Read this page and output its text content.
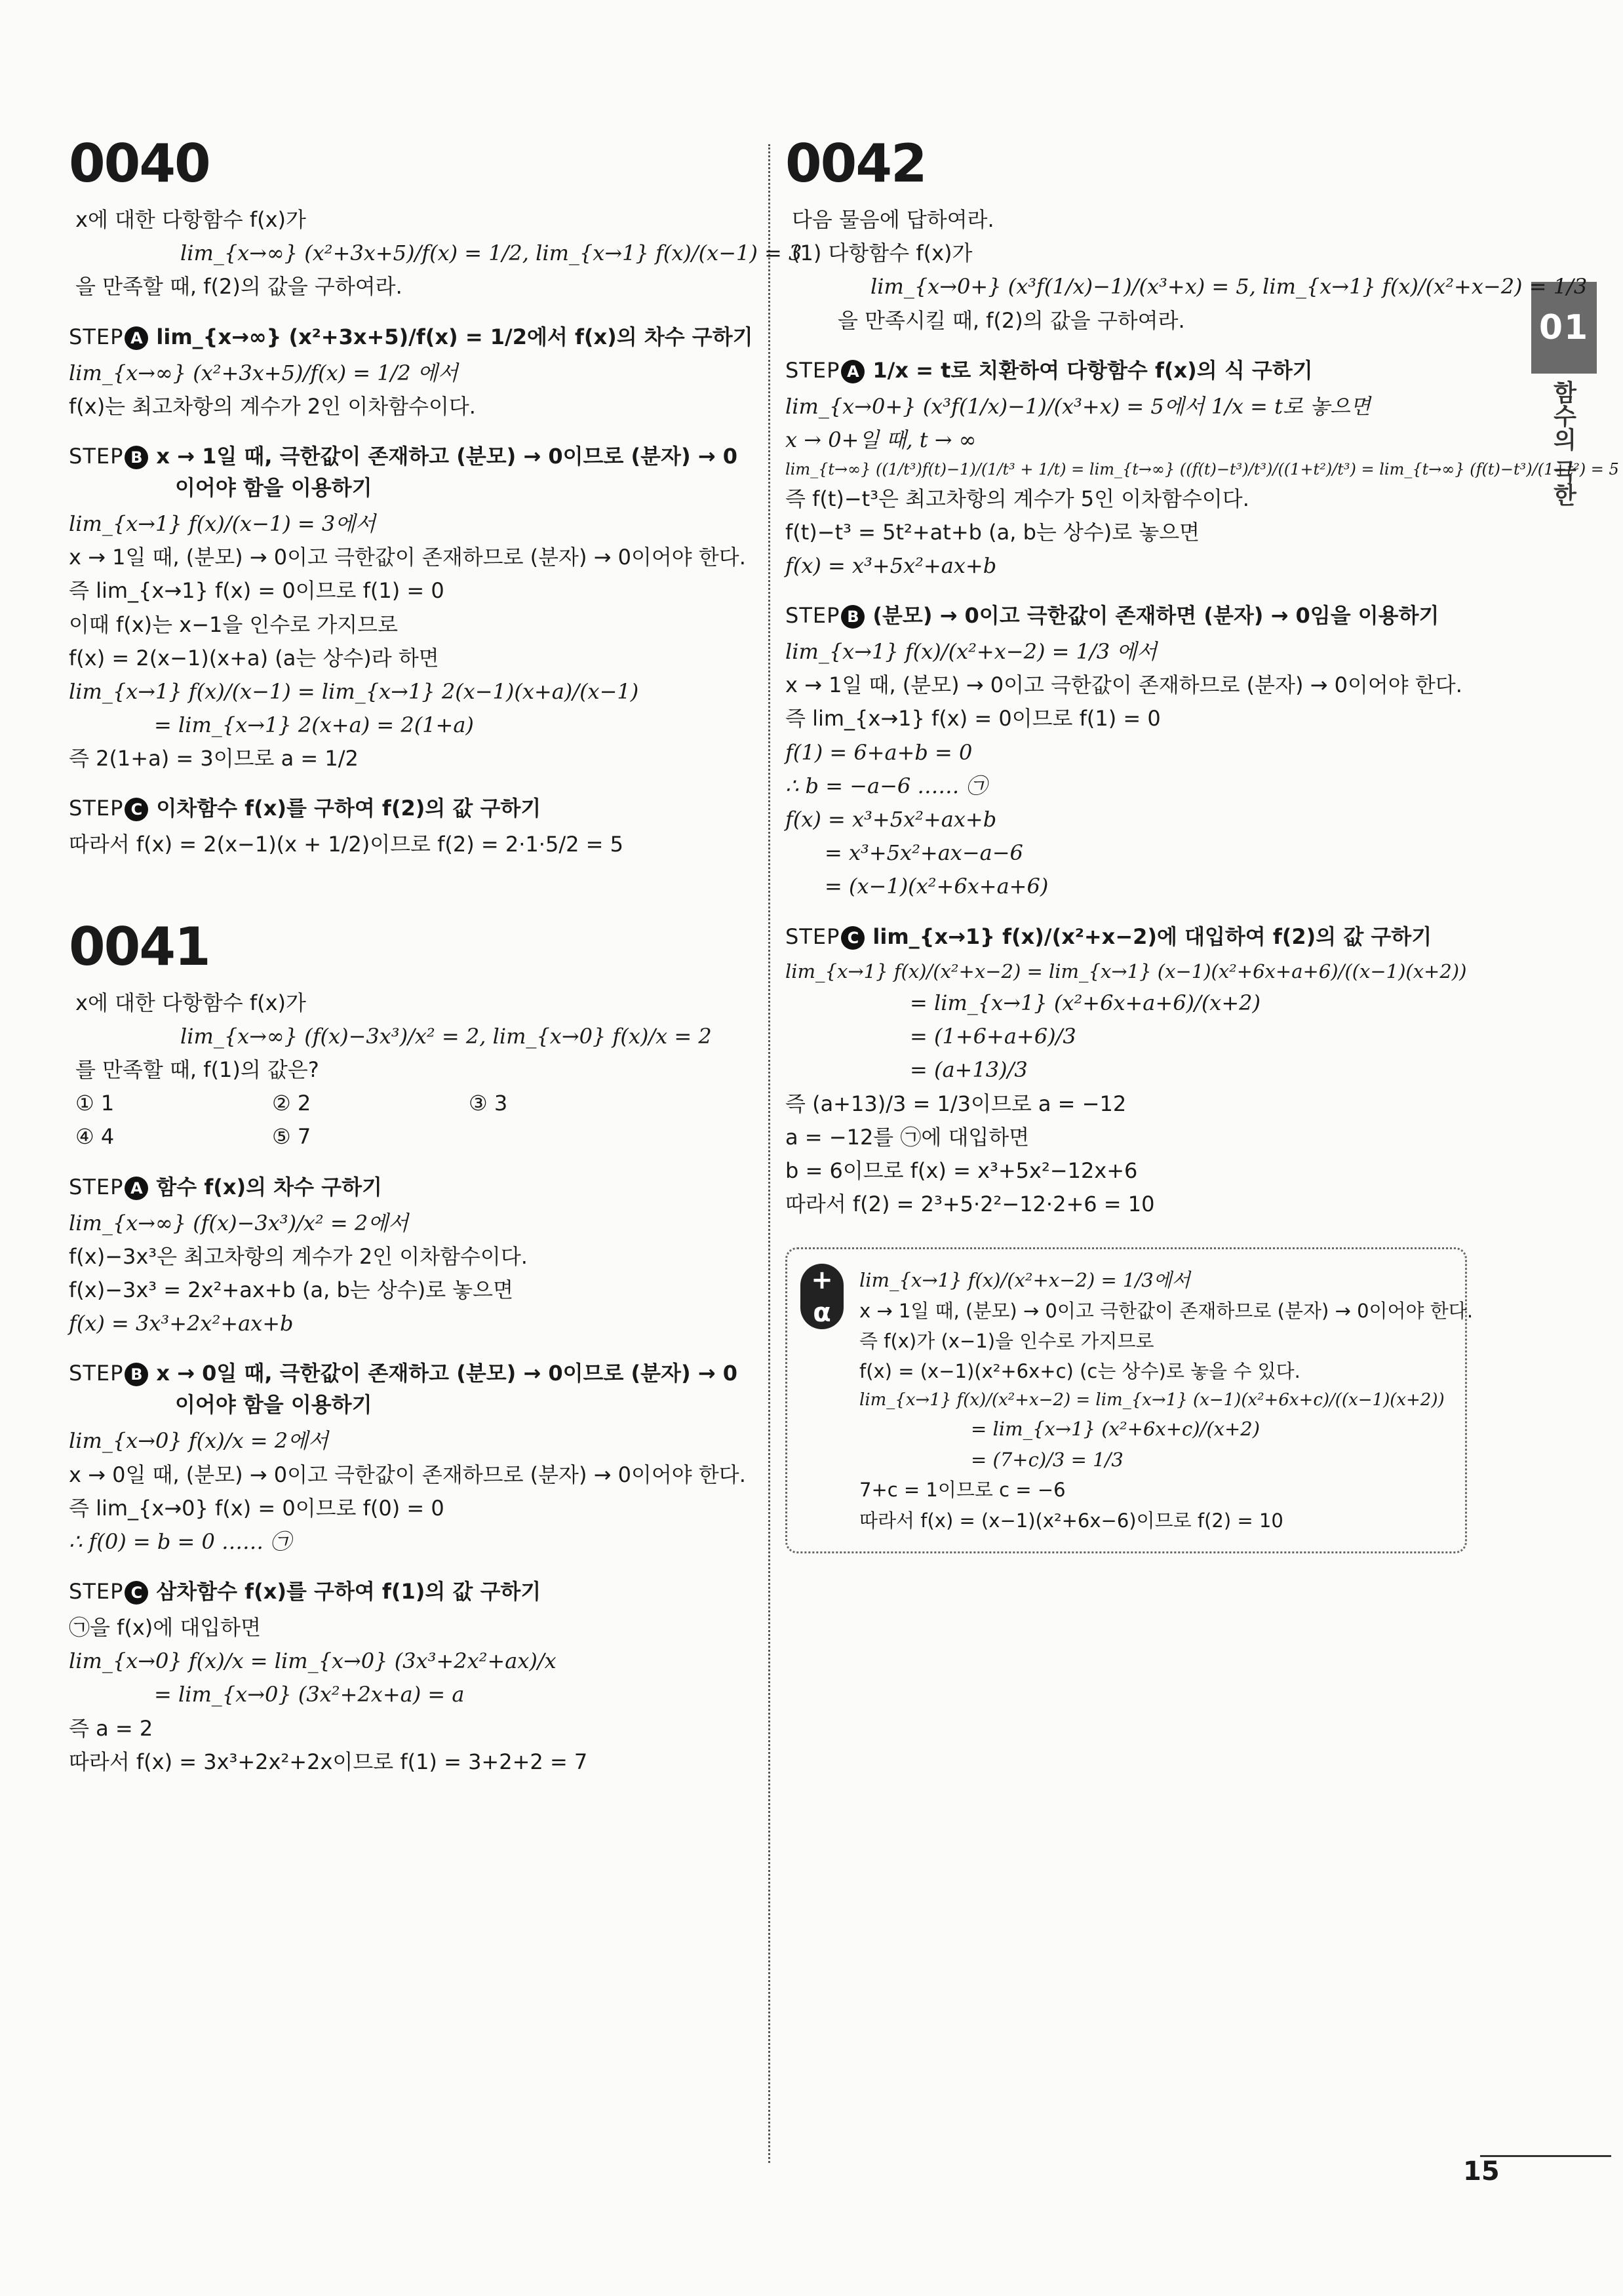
01
함수의 극한
0040
x에 대한 다항함수 f(x)가
lim_{x→∞} (x²+3x+5)/f(x) = 1/2, lim_{x→1} f(x)/(x−1) = 3
을 만족할 때, f(2)의 값을 구하여라.
STEP A lim_{x→∞} (x²+3x+5)/f(x) = 1/2에서 f(x)의 차수 구하기
lim_{x→∞} (x²+3x+5)/f(x) = 1/2 에서
f(x)는 최고차항의 계수가 2인 이차함수이다.
STEP B x → 1일 때, 극한값이 존재하고 (분모) → 0이므로 (분자) → 0
이어야 함을 이용하기
lim_{x→1} f(x)/(x−1) = 3에서
x → 1일 때, (분모) → 0이고 극한값이 존재하므로 (분자) → 0이어야 한다.
즉 lim_{x→1} f(x) = 0이므로 f(1) = 0
이때 f(x)는 x−1을 인수로 가지므로
f(x) = 2(x−1)(x+a) (a는 상수)라 하면
lim_{x→1} f(x)/(x−1) = lim_{x→1} 2(x−1)(x+a)/(x−1)
= lim_{x→1} 2(x+a) = 2(1+a)
즉 2(1+a) = 3이므로 a = 1/2
STEP C 이차함수 f(x)를 구하여 f(2)의 값 구하기
따라서 f(x) = 2(x−1)(x + 1/2)이므로 f(2) = 2·1·5/2 = 5
0041
x에 대한 다항함수 f(x)가
lim_{x→∞} (f(x)−3x³)/x² = 2, lim_{x→0} f(x)/x = 2
를 만족할 때, f(1)의 값은?
① 1	② 2	③ 3
④ 4	⑤ 7
STEP A 함수 f(x)의 차수 구하기
lim_{x→∞} (f(x)−3x³)/x² = 2에서
f(x)−3x³은 최고차항의 계수가 2인 이차함수이다.
f(x)−3x³ = 2x²+ax+b (a, b는 상수)로 놓으면
f(x) = 3x³+2x²+ax+b
STEP B x → 0일 때, 극한값이 존재하고 (분모) → 0이므로 (분자) → 0
이어야 함을 이용하기
lim_{x→0} f(x)/x = 2에서
x → 0일 때, (분모) → 0이고 극한값이 존재하므로 (분자) → 0이어야 한다.
즉 lim_{x→0} f(x) = 0이므로 f(0) = 0
∴ f(0) = b = 0 …… ㉠
STEP C 삼차함수 f(x)를 구하여 f(1)의 값 구하기
㉠을 f(x)에 대입하면
lim_{x→0} f(x)/x = lim_{x→0} (3x³+2x²+ax)/x
= lim_{x→0} (3x²+2x+a) = a
즉 a = 2
따라서 f(x) = 3x³+2x²+2x이므로 f(1) = 3+2+2 = 7
0042
다음 물음에 답하여라.
(1) 다항함수 f(x)가
lim_{x→0+} (x³f(1/x)−1)/(x³+x) = 5, lim_{x→1} f(x)/(x²+x−2) = 1/3
을 만족시킬 때, f(2)의 값을 구하여라.
STEP A 1/x = t로 치환하여 다항함수 f(x)의 식 구하기
lim_{x→0+} (x³f(1/x)−1)/(x³+x) = 5에서 1/x = t로 놓으면
x → 0+일 때, t → ∞
lim_{t→∞} ((1/t³)f(t)−1)/(1/t³ + 1/t) = lim_{t→∞} ((f(t)−t³)/t³)/((1+t²)/t³) = lim_{t→∞} (f(t)−t³)/(1+t²) = 5
즉 f(t)−t³은 최고차항의 계수가 5인 이차함수이다.
f(t)−t³ = 5t²+at+b (a, b는 상수)로 놓으면
f(x) = x³+5x²+ax+b
STEP B (분모) → 0이고 극한값이 존재하면 (분자) → 0임을 이용하기
lim_{x→1} f(x)/(x²+x−2) = 1/3 에서
x → 1일 때, (분모) → 0이고 극한값이 존재하므로 (분자) → 0이어야 한다.
즉 lim_{x→1} f(x) = 0이므로 f(1) = 0
f(1) = 6+a+b = 0
∴ b = −a−6 …… ㉠
f(x) = x³+5x²+ax+b
= x³+5x²+ax−a−6
= (x−1)(x²+6x+a+6)
STEP C lim_{x→1} f(x)/(x²+x−2)에 대입하여 f(2)의 값 구하기
lim_{x→1} f(x)/(x²+x−2) = lim_{x→1} (x−1)(x²+6x+a+6)/((x−1)(x+2))
= lim_{x→1} (x²+6x+a+6)/(x+2)
= (1+6+a+6)/3
= (a+13)/3
즉 (a+13)/3 = 1/3이므로 a = −12
a = −12를 ㉠에 대입하면
b = 6이므로 f(x) = x³+5x²−12x+6
따라서 f(2) = 2³+5·2²−12·2+6 = 10
+
α
lim_{x→1} f(x)/(x²+x−2) = 1/3에서
x → 1일 때, (분모) → 0이고 극한값이 존재하므로 (분자) → 0이어야 한다.
즉 f(x)가 (x−1)을 인수로 가지므로
f(x) = (x−1)(x²+6x+c) (c는 상수)로 놓을 수 있다.
lim_{x→1} f(x)/(x²+x−2) = lim_{x→1} (x−1)(x²+6x+c)/((x−1)(x+2))
= lim_{x→1} (x²+6x+c)/(x+2)
= (7+c)/3 = 1/3
7+c = 1이므로 c = −6
따라서 f(x) = (x−1)(x²+6x−6)이므로 f(2) = 10
15
